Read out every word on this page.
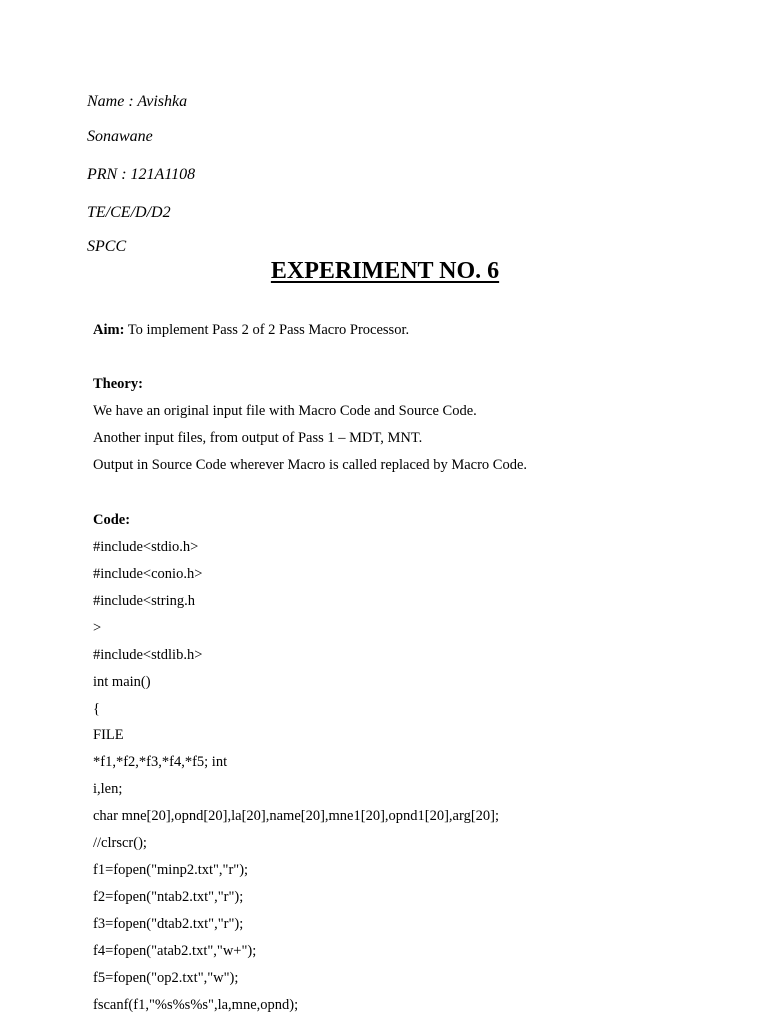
Name : Avishka
Sonawane
PRN : 121A1108
TE/CE/D/D2
SPCC
EXPERIMENT NO. 6
Aim: To implement Pass 2 of 2 Pass Macro Processor.
Theory:
We have an original input file with Macro Code and Source Code.
Another input files, from output of Pass 1 – MDT, MNT.
Output in Source Code wherever Macro is called replaced by Macro Code.
Code:
#include<stdio.h>
#include<conio.h>
#include<string.h
>
#include<stdlib.h>
int main()
{
FILE
*f1,*f2,*f3,*f4,*f5; int
i,len;
char mne[20],opnd[20],la[20],name[20],mne1[20],opnd1[20],arg[20];
//clrscr();
f1=fopen("minp2.txt","r");
f2=fopen("ntab2.txt","r");
f3=fopen("dtab2.txt","r");
f4=fopen("atab2.txt","w+");
f5=fopen("op2.txt","w");
fscanf(f1,"%s%s%s",la,mne,opnd);
